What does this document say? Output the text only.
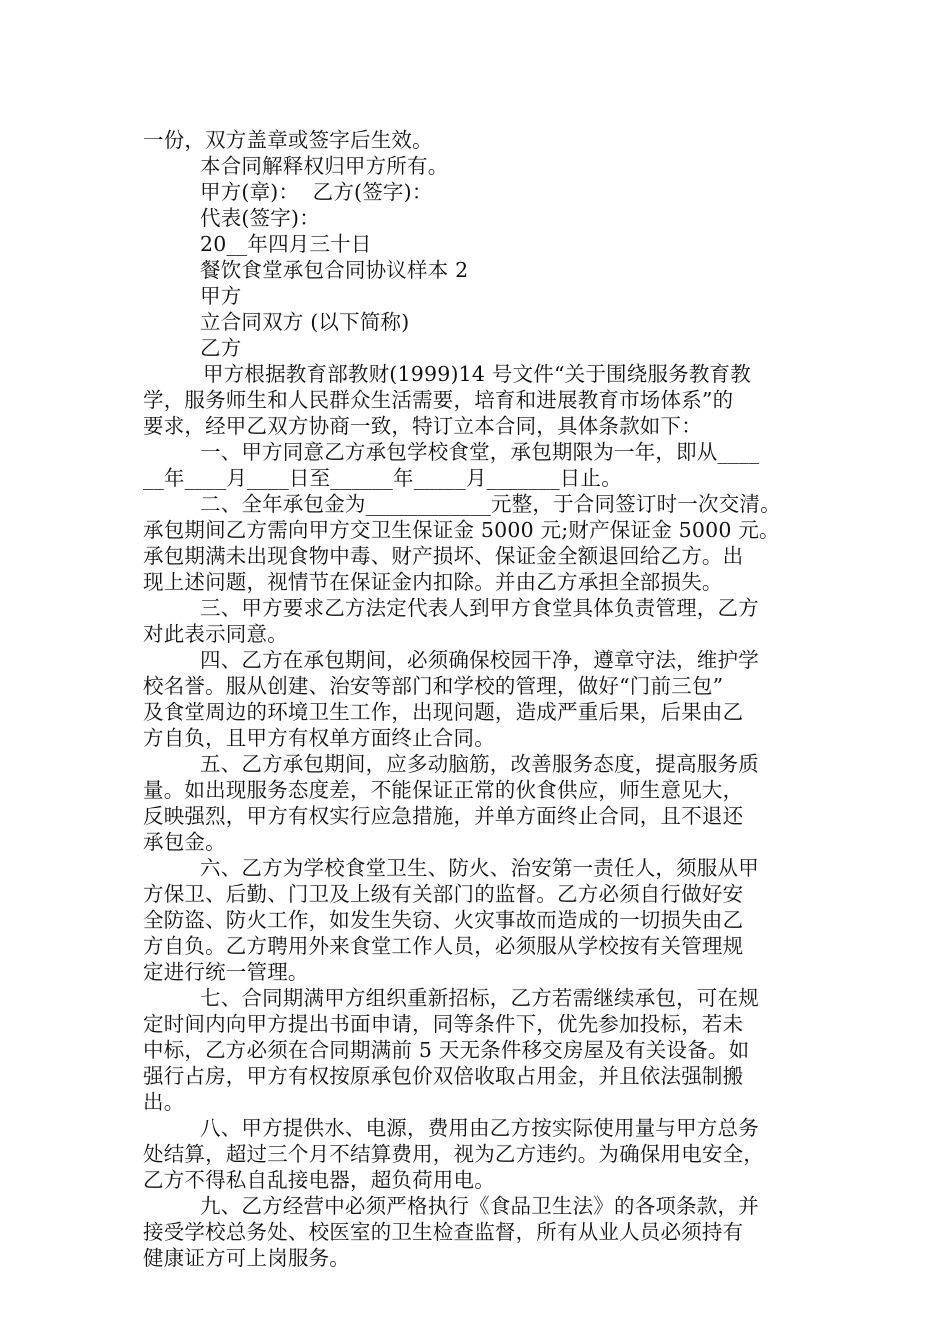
一份，双方盖章或签字后生效。
本合同解释权归甲方所有。
甲方(章)：  乙方(签字)：
代表(签字)：
20__年四月三十日
餐饮食堂承包合同协议样本 2
甲方
立合同双方 (以下简称)
乙方
甲方根据教育部教财(1999)14 号文件“关于围绕服务教育教
学，服务师生和人民群众生活需要，培育和进展教育市场体系”的
要求，经甲乙双方协商一致，特订立本合同，具体条款如下：
一、甲方同意乙方承包学校食堂，承包期限为一年，即从____
__年____月____日至______年_____月_______日止。
二、全年承包金为____________元整，于合同签订时一次交清。
承包期间乙方需向甲方交卫生保证金 5000 元;财产保证金 5000 元。
承包期满未出现食物中毒、财产损坏、保证金全额退回给乙方。出
现上述问题，视情节在保证金内扣除。并由乙方承担全部损失。
三、甲方要求乙方法定代表人到甲方食堂具体负责管理，乙方
对此表示同意。
四、乙方在承包期间，必须确保校园干净，遵章守法，维护学
校名誉。服从创建、治安等部门和学校的管理，做好“门前三包”
及食堂周边的环境卫生工作，出现问题，造成严重后果，后果由乙
方自负，且甲方有权单方面终止合同。
五、乙方承包期间，应多动脑筋，改善服务态度，提高服务质
量。如出现服务态度差，不能保证正常的伙食供应，师生意见大，
反映强烈，甲方有权实行应急措施，并单方面终止合同，且不退还
承包金。
六、乙方为学校食堂卫生、防火、治安第一责任人，须服从甲
方保卫、后勤、门卫及上级有关部门的监督。乙方必须自行做好安
全防盗、防火工作，如发生失窃、火灾事故而造成的一切损失由乙
方自负。乙方聘用外来食堂工作人员，必须服从学校按有关管理规
定进行统一管理。
七、合同期满甲方组织重新招标，乙方若需继续承包，可在规
定时间内向甲方提出书面申请，同等条件下，优先参加投标，若未
中标，乙方必须在合同期满前 5 天无条件移交房屋及有关设备。如
强行占房，甲方有权按原承包价双倍收取占用金，并且依法强制搬
出。
八、甲方提供水、电源，费用由乙方按实际使用量与甲方总务
处结算，超过三个月不结算费用，视为乙方违约。为确保用电安全，
乙方不得私自乱接电器，超负荷用电。
九、乙方经营中必须严格执行《食品卫生法》的各项条款，并
接受学校总务处、校医室的卫生检查监督，所有从业人员必须持有
健康证方可上岗服务。
